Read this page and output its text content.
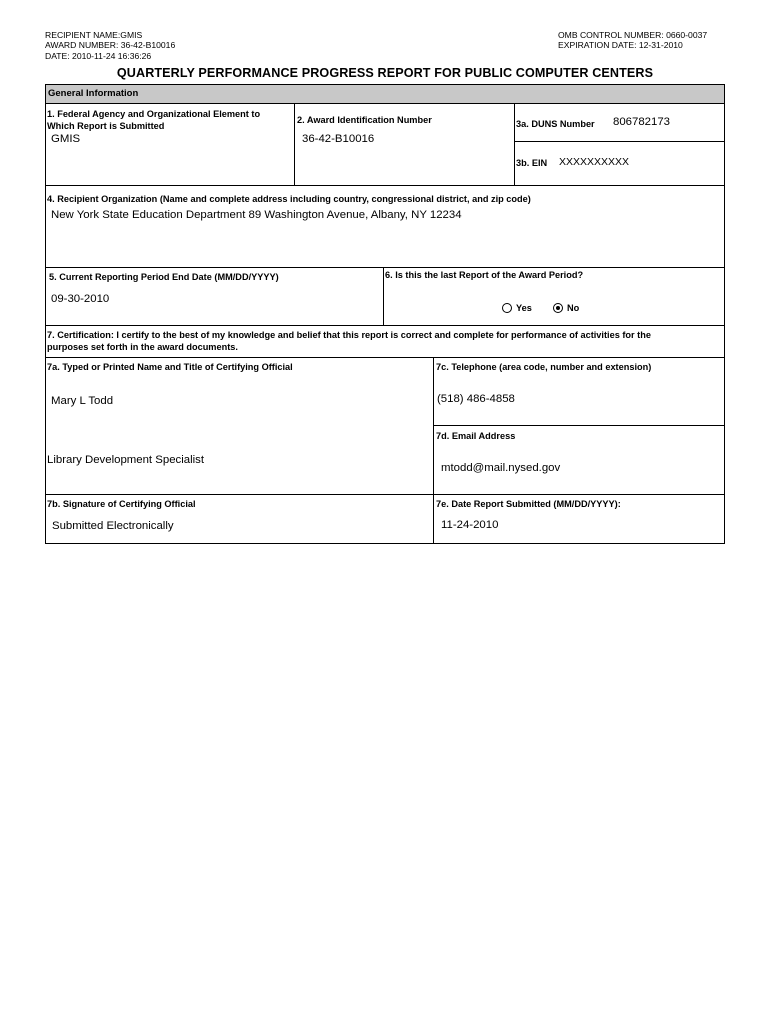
RECIPIENT NAME:GMIS
AWARD NUMBER: 36-42-B10016
DATE: 2010-11-24 16:36:26
OMB CONTROL NUMBER: 0660-0037
EXPIRATION DATE: 12-31-2010
QUARTERLY PERFORMANCE PROGRESS REPORT FOR PUBLIC COMPUTER CENTERS
General Information
1. Federal Agency and Organizational Element to
Which Report is Submitted
GMIS
2. Award Identification Number
36-42-B10016
3a. DUNS Number 806782173
3b. EIN XXXXXXXXXX
4. Recipient Organization (Name and complete address including country, congressional district, and zip code)
New York State Education Department 89 Washington Avenue, Albany, NY 12234
5. Current Reporting Period End Date (MM/DD/YYYY)
09-30-2010
6. Is this the last Report of the Award Period?
Yes	No
7. Certification: I certify to the best of my knowledge and belief that this report is correct and complete for performance of activities for the
purposes set forth in the award documents.
7a. Typed or Printed Name and Title of Certifying Official
Mary L Todd
Library Development Specialist
7c. Telephone (area code, number and extension)
(518) 486-4858
7d. Email Address
mtodd@mail.nysed.gov
7b. Signature of Certifying Official
Submitted Electronically
7e. Date Report Submitted (MM/DD/YYYY):
11-24-2010
